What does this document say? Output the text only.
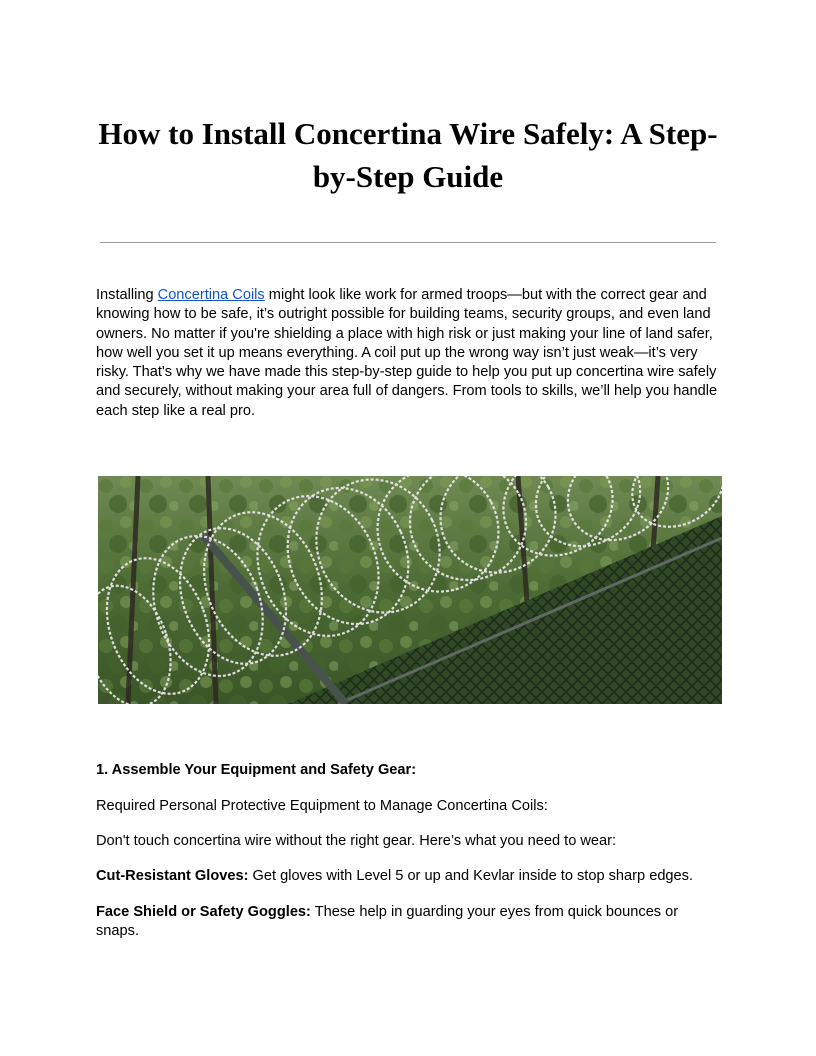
How to Install Concertina Wire Safely: A Step-by-Step Guide

Installing Concertina Coils might look like work for armed troops—but with the correct gear and knowing how to be safe, it’s outright possible for building teams, security groups, and even land owners. No matter if you're shielding a place with high risk or just making your line of land safer, how well you set it up means everything. A coil put up the wrong way isn’t just weak—it’s very risky. That's why we have made this step-by-step guide to help you put up concertina wire safely and securely, without making your area full of dangers. From tools to skills, we’ll help you handle each step like a real pro.

1. Assemble Your Equipment and Safety Gear:

Required Personal Protective Equipment to Manage Concertina Coils:

Don't touch concertina wire without the right gear. Here’s what you need to wear:

Cut-Resistant Gloves: Get gloves with Level 5 or up and Kevlar inside to stop sharp edges.

Face Shield or Safety Goggles: These help in guarding your eyes from quick bounces or snaps.
